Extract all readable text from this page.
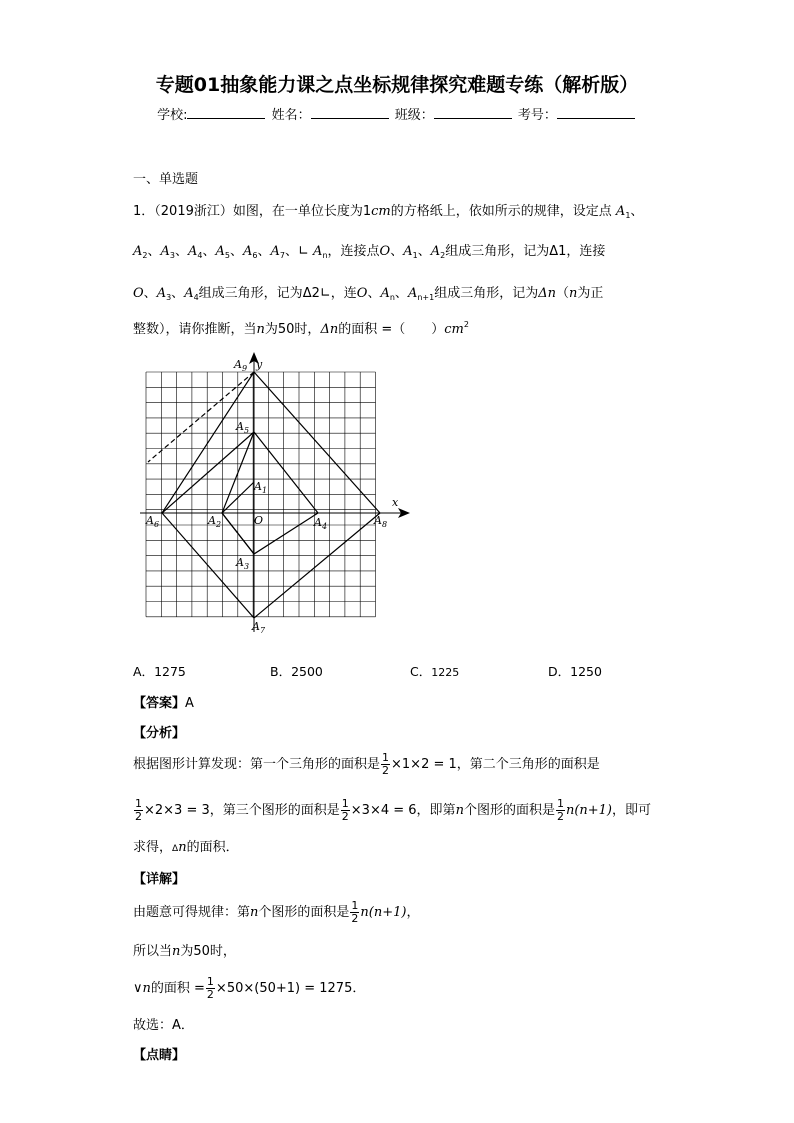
专题01抽象能力课之点坐标规律探究难题专练（解析版）
学校:	姓名：	班级：	考号：
一、单选题
1．（2019浙江）如图，在一单位长度为1cm的方格纸上，依如所示的规律，设定点 $A_1$、
$A_2$、$A_3$、$A_4$、$A_5$、$A_6$、$A_7$、∟ $A_n$，连接点O、$A_1$、$A_2$组成三角形，记为Δ1，连接
O、$A_3$、$A_4$组成三角形，记为Δ2∟，连O、$A_n$、$A_{n+1}$组成三角形，记为Δn（n为正
整数），请你推断，当n为50时，Δn的面积 =（　　）$cm^2$
$A_9$ y
$A_5$
$A_1$
x
$A_6$	$A_2$	O	$A_4$	$A_8$
$A_3$
$A_7$
A．1275	B．2500	C．1225	D．1250
【答案】A
【分析】
根据图形计算发现：第一个三角形的面积是 $\frac{1}{2} \times 1\times 2 = 1$，第二个三角形的面积是
$\frac{1}{2} \times 2\times 3 = 3$，第三个图形的面积是 $\frac{1}{2} \times 3\times 4 = 6$，即第n个图形的面积是 $\frac{1}{2} n(n+1)$，即可
求得，Δn的面积．
【详解】
由题意可得规律：第n个图形的面积是 $\frac{1}{2} n(n+1)$，
所以当n为50时，
∨n的面积 = $\frac{1}{2} \times 50\times(50+1) = 1275$．
故选：A．
【点睛】
